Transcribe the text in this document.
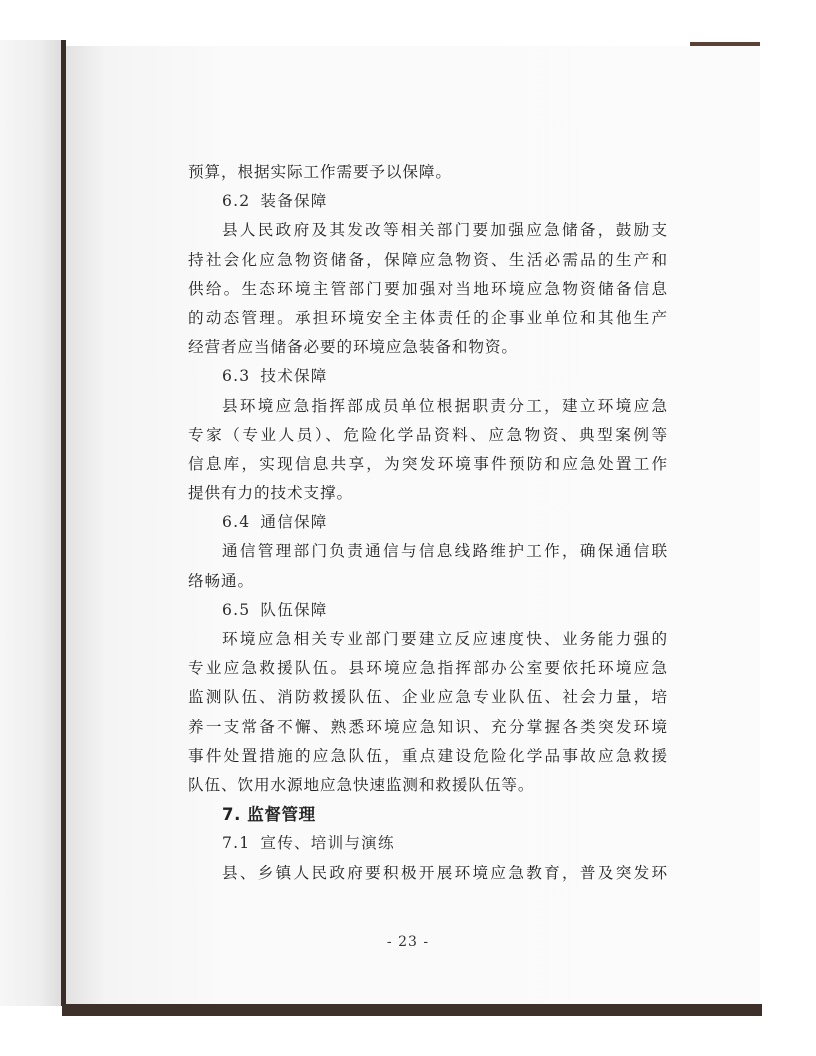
预算，根据实际工作需要予以保障。
6.2 装备保障
县人民政府及其发改等相关部门要加强应急储备，鼓励支
持社会化应急物资储备，保障应急物资、生活必需品的生产和
供给。生态环境主管部门要加强对当地环境应急物资储备信息
的动态管理。承担环境安全主体责任的企事业单位和其他生产
经营者应当储备必要的环境应急装备和物资。
6.3 技术保障
县环境应急指挥部成员单位根据职责分工，建立环境应急
专家（专业人员）、危险化学品资料、应急物资、典型案例等
信息库，实现信息共享，为突发环境事件预防和应急处置工作
提供有力的技术支撑。
6.4 通信保障
通信管理部门负责通信与信息线路维护工作，确保通信联
络畅通。
6.5 队伍保障
环境应急相关专业部门要建立反应速度快、业务能力强的
专业应急救援队伍。县环境应急指挥部办公室要依托环境应急
监测队伍、消防救援队伍、企业应急专业队伍、社会力量，培
养一支常备不懈、熟悉环境应急知识、充分掌握各类突发环境
事件处置措施的应急队伍，重点建设危险化学品事故应急救援
队伍、饮用水源地应急快速监测和救援队伍等。
7. 监督管理
7.1 宣传、培训与演练
县、乡镇人民政府要积极开展环境应急教育，普及突发环
- 23 -
